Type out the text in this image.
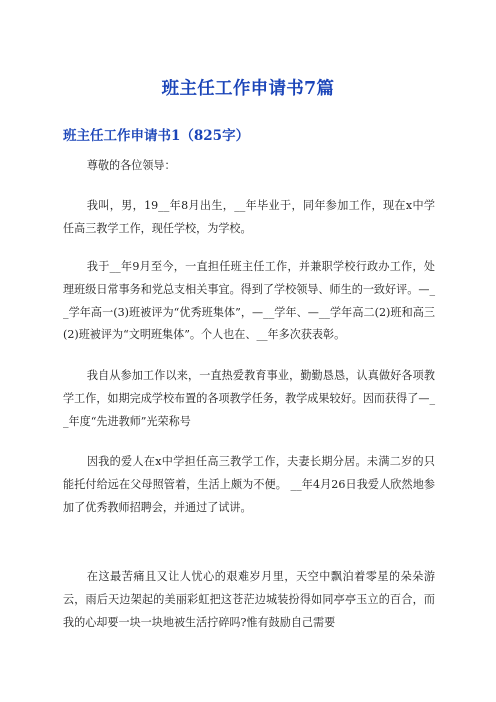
班主任工作申请书7篇
班主任工作申请书1（825字）
尊敬的各位领导：
我叫，男，19__年8月出生，__年毕业于，同年参加工作，现在x中学任高三教学工作，现任学校，为学校。
我于__年9月至今，一直担任班主任工作，并兼职学校行政办工作，处理班级日常事务和党总支相关事宜。得到了学校领导、师生的一致好评。—__学年高一(3)班被评为“优秀班集体”，—__学年、—__学年高二(2)班和高三(2)班被评为“文明班集体”。个人也在、__年多次获表彰。
我自从参加工作以来，一直热爱教育事业，勤勤恳恳，认真做好各项教学工作，如期完成学校布置的各项教学任务，教学成果较好。因而获得了—__年度“先进教师”光荣称号
因我的爱人在x中学担任高三教学工作，夫妻长期分居。未满二岁的只能托付给远在父母照管着，生活上颇为不便。 __年4月26日我爱人欣然地参加了优秀教师招聘会，并通过了试讲。
在这最苦痛且又让人忧心的艰难岁月里，天空中飘泊着零星的朵朵游云，雨后天边架起的美丽彩虹把这苍茫边城装扮得如同亭亭玉立的百合，而我的心却要一块一块地被生活拧碎吗?惟有鼓励自己需要
